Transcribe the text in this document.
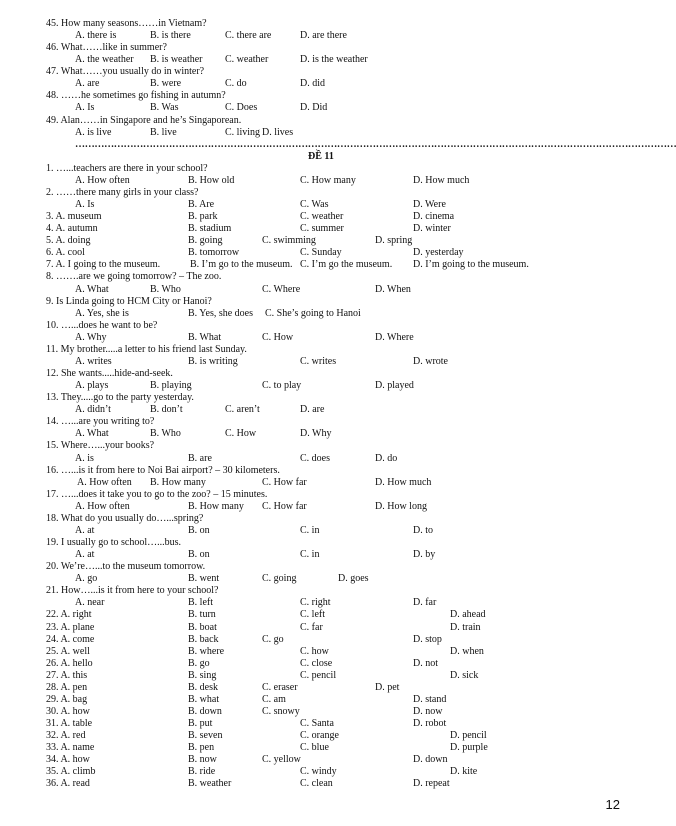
45. How many seasons……in Vietnam?
A. there is	B. is there	C. there are	D. are there
46. What……like in summer?
A. the weather B. is weather C. weather	D. is the weather
47. What……you usually do in winter?
A. are	B. were	C. do	D. did
48. ……he sometimes go fishing in autumn?
A. Is	B. Was	C. Does	D. Did
49. Alan……in Singapore and he’s Singaporean.
A. is live	B. live	C. living D. lives
……………………………………………………………………………………………………………………………………………………………………
ĐỀ 11
1. …...teachers are there in your school?
A. How often	B. How old	C. How many	D. How much
2. ……there many girls in your class?
A. Is	B. Are	C. Was	D. Were
3. A. museum	B. park	C. weather	D. cinema
4. A. autumn	B. stadium	C. summer	D. winter
5. A. doing	B. going	C. swimming	D. spring
6. A. cool	B. tomorrow	C. Sunday	D. yesterday
7. A. I going to the museum.	B. I’m go to the museum. C. I’m go the museum. D. I’m going to the museum.
8. …….are we going tomorrow? – The zoo.
A. What	B. Who	C. Where	D. When
9. Is Linda going to HCM City or Hanoi?
A. Yes, she is	B. Yes, she does C. She’s going to Hanoi
10. …...does he want to be?
A. Why	B. What	C. How	D. Where
11. My brother.....a letter to his friend last Sunday.
A. writes	B. is writing	C. writes	D. wrote
12. She wants.....hide-and-seek.
A. plays	B. playing	C. to play	D. played
13. They.....go to the party yesterday.
A. didn’t	B. don’t	C. aren’t	D. are
14. …...are you writing to?
A. What	B. Who	C. How	D. Why
15. Where…...your books?
A. is	B. are	C. does	D. do
16. …...is it from here to Noi Bai airport? – 30 kilometers.
A. How often B. How many	C. How far	D. How much
17. …...does it take you to go to the zoo? – 15 minutes.
A. How often	B. How many C. How far	D. How long
18. What do you usually do…...spring?
A. at	B. on	C. in	D. to
19. I usually go to school…...bus.
A. at	B. on	C. in	D. by
20. We’re…...to the museum tomorrow.
A. go	B. went	C. going	D. goes
21. How…...is it from here to your school?
A. near	B. left	C. right	D. far
22. A. right	B. turn	C. left	D. ahead
23. A. plane	B. boat	C. far	D. train
24. A. come	B. back	C. go	D. stop
25. A. well	B. where	C. how	D. when
26. A. hello	B. go	C. close	D. not
27. A. this	B. sing	C. pencil	D. sick
28. A. pen	B. desk	C. eraser	D. pet
29. A. bag	B. what	C. am	D. stand
30. A. how	B. down	C. snowy	D. now
31. A. table	B. put	C. Santa	D. robot
32. A. red	B. seven	C. orange	D. pencil
33. A. name	B. pen	C. blue	D. purple
34. A. how	B. now	C. yellow	D. down
35. A. climb	B. ride	C. windy	D. kite
36. A. read	B. weather	C. clean	D. repeat
12
